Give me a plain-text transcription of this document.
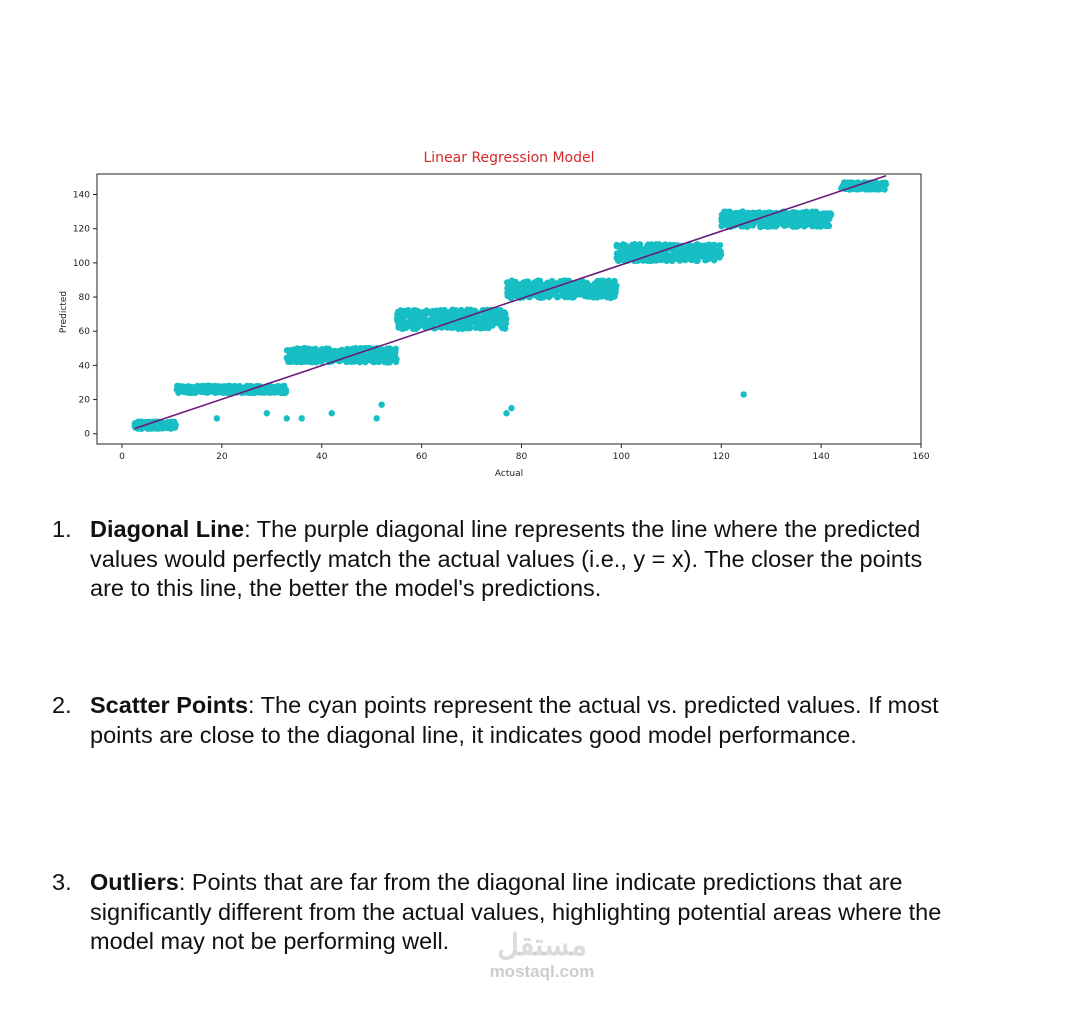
Linear Regression Model
0	20	40	60	80	100	120	140	160
0
20
40
60
80
100
120
140
Actual
Predicted
1. Diagonal Line: The purple diagonal line represents the line where the predicted values would perfectly match the actual values (i.e., y = x). The closer the points are to this line, the better the model's predictions.
2. Scatter Points: The cyan points represent the actual vs. predicted values. If most points are close to the diagonal line, it indicates good model performance.
3. Outliers: Points that are far from the diagonal line indicate predictions that are significantly different from the actual values, highlighting potential areas where the model may not be performing well.	مستقل
mostaql.com
